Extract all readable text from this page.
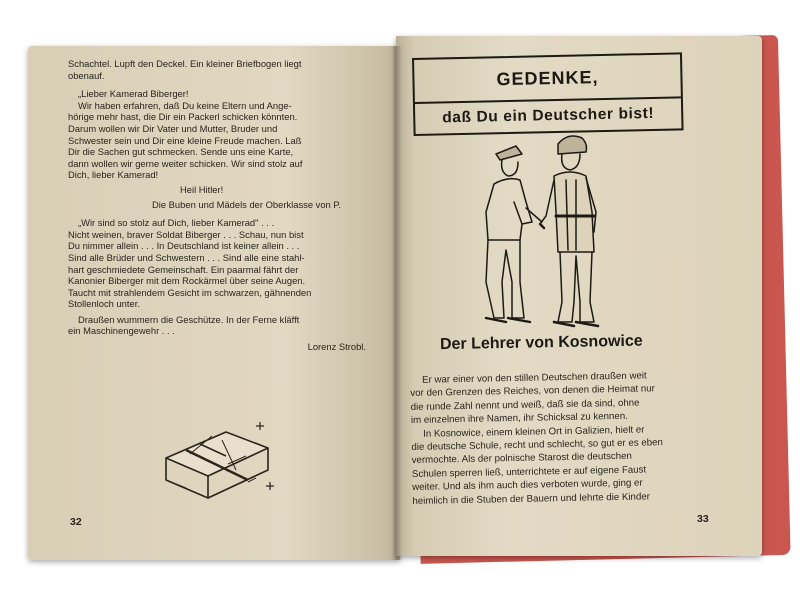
Schachtel. Lupft den Deckel. Ein kleiner Briefbogen liegt

obenauf.

„Lieber Kamerad Biberger!

Wir haben erfahren, daß Du keine Eltern und Ange-

hörige mehr hast, die Dir ein Packerl schicken könnten.

Darum wollen wir Dir Vater und Mutter, Bruder und

Schwester sein und Dir eine kleine Freude machen. Laß

Dir die Sachen gut schmecken. Sende uns eine Karte,

dann wollen wir gerne weiter schicken. Wir sind stolz auf

Dich, lieber Kamerad!

Heil Hitler!

Die Buben und Mädels der Oberklasse von P.

„Wir sind so stolz auf Dich, lieber Kamerad" . . .

Nicht weinen, braver Soldat Biberger . . . Schau, nun bist

Du nimmer allein . . . In Deutschland ist keiner allein . . .

Sind alle Brüder und Schwestern . . . Sind alle eine stahl-

hart geschmiedete Gemeinschaft. Ein paarmal fährt der

Kanonier Biberger mit dem Rockärmel über seine Augen.

Taucht mit strahlendem Gesicht im schwarzen, gähnenden

Stollenloch unter.

Draußen wummern die Geschütze. In der Ferne kläfft

ein Maschinengewehr . . .

Lorenz Strobl.

32
GEDENKE,
daß Du ein Deutscher bist!
Der Lehrer von Kosnowice

Er war einer von den stillen Deutschen draußen weit

vor den Grenzen des Reiches, von denen die Heimat nur

die runde Zahl nennt und weiß, daß sie da sind, ohne

im einzelnen ihre Namen, ihr Schicksal zu kennen.

In Kosnowice, einem kleinen Ort in Galizien, hielt er

die deutsche Schule, recht und schlecht, so gut er es eben

vermochte. Als der polnische Starost die deutschen

Schulen sperren ließ, unterrichtete er auf eigene Faust

weiter. Und als ihm auch dies verboten wurde, ging er

heimlich in die Stuben der Bauern und lehrte die Kinder

33
